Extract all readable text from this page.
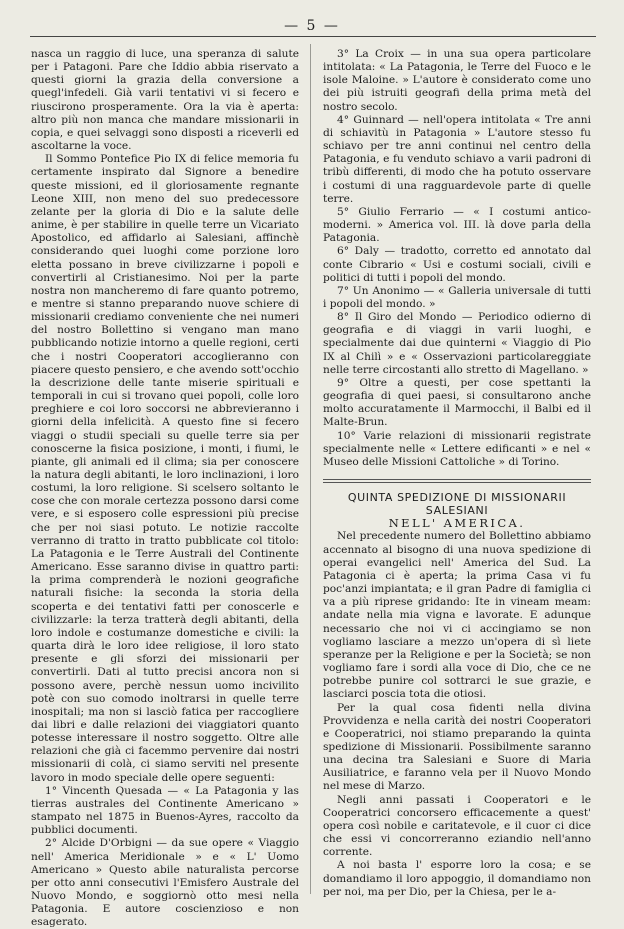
— 5 —

nasca un raggio di luce, una speranza di salute per i Patagoni. Pare che Iddio abbia riservato a questi giorni la grazia della conversione a quegl'infedeli. Già varii tentativi vi si fecero e riuscirono prosperamente. Ora la via è aperta: altro più non manca che mandare missionarii in copia, e quei selvaggi sono disposti a riceverli ed ascoltarne la voce.

Il Sommo Pontefice Pio IX di felice memoria fu certamente inspirato dal Signore a benedire queste missioni, ed il gloriosamente regnante Leone XIII, non meno del suo predecessore zelante per la gloria di Dio e la salute delle anime, è per stabilire in quelle terre un Vicariato Apostolico, ed affidarlo ai Salesiani, affinchè considerando quei luoghi come porzione loro eletta possano in breve civilizzarne i popoli e convertirli al Cristianesimo. Noi per la parte nostra non mancheremo di fare quanto potremo, e mentre si stanno preparando nuove schiere di missionarii crediamo conveniente che nei numeri del nostro Bollettino si vengano man mano pubblicando notizie intorno a quelle regioni, certi che i nostri Cooperatori accoglieranno con piacere questo pensiero, e che avendo sott'occhio la descrizione delle tante miserie spirituali e temporali in cui si trovano quei popoli, colle loro preghiere e coi loro soccorsi ne abbrevieranno i giorni della infelicità. A questo fine si fecero viaggi o studii speciali su quelle terre sia per conoscerne la fisica posizione, i monti, i fiumi, le piante, gli animali ed il clima; sia per conoscere la natura degli abitanti, le loro inclinazioni, i loro costumi, la loro religione. Si scelsero soltanto le cose che con morale certezza possono darsi come vere, e si esposero colle espressioni più precise che per noi siasi potuto. Le notizie raccolte verranno di tratto in tratto pubblicate col titolo: La Patagonia e le Terre Australi del Continente Americano. Esse saranno divise in quattro parti: la prima comprenderà le nozioni geografiche naturali fisiche: la seconda la storia della scoperta e dei tentativi fatti per conoscerle e civilizzarle: la terza tratterà degli abitanti, della loro indole e costumanze domestiche e civili: la quarta dirà le loro idee religiose, il loro stato presente e gli sforzi dei missionarii per convertirli. Dati al tutto precisi ancora non si possono avere, perchè nessun uomo incivilito potè con suo comodo inoltrarsi in quelle terre inospitali; ma non si lasciò fatica per raccogliere dai libri e dalle relazioni dei viaggiatori quanto potesse interessare il nostro soggetto. Oltre alle relazioni che già ci facemmo pervenire dai nostri missionarii di colà, ci siamo serviti nel presente lavoro in modo speciale delle opere seguenti:

1° Vincenth Quesada — « La Patagonia y las tierras australes del Continente Americano » stampato nel 1875 in Buenos-Ayres, raccolto da pubblici documenti.

2° Alcide D'Orbigni — da sue opere « Viaggio nell' America Meridionale » e « L' Uomo Americano » Questo abile naturalista percorse per otto anni consecutivi l'Emisfero Australe del Nuovo Mondo, e soggiornò otto mesi nella Patagonia. E autore coscienzioso e non esagerato.

3° La Croix — in una sua opera particolare intitolata: « La Patagonia, le Terre del Fuoco e le isole Maloine. » L'autore è considerato come uno dei più istruiti geografi della prima metà del nostro secolo.

4° Guinnard — nell'opera intitolata « Tre anni di schiavitù in Patagonia » L'autore stesso fu schiavo per tre anni continui nel centro della Patagonia, e fu venduto schiavo a varii padroni di tribù differenti, di modo che ha potuto osservare i costumi di una ragguardevole parte di quelle terre.

5° Giulio Ferrario — « I costumi antico-moderni. » America vol. III. là dove parla della Patagonia.

6° Daly — tradotto, corretto ed annotato dal conte Cibrario « Usi e costumi sociali, civili e politici di tutti i popoli del mondo.

7° Un Anonimo — « Galleria universale di tutti i popoli del mondo. »

8° Il Giro del Mondo — Periodico odierno di geografia e di viaggi in varii luoghi, e specialmente dai due quinterni « Viaggio di Pio IX al Chilì » e « Osservazioni particolareggiate nelle terre circostanti allo stretto di Magellano. »

9° Oltre a questi, per cose spettanti la geografia di quei paesi, si consultarono anche molto accuratamente il Marmocchi, il Balbi ed il Malte-Brun.

10° Varie relazioni di missionarii registrate specialmente nelle « Lettere edificanti » e nel « Museo delle Missioni Cattoliche » di Torino.

QUINTA SPEDIZIONE DI MISSIONARII SALESIANI

NELL' AMERICA.

Nel precedente numero del Bollettino abbiamo accennato al bisogno di una nuova spedizione di operai evangelici nell' America del Sud. La Patagonia ci è aperta; la prima Casa vi fu poc'anzi impiantata; e il gran Padre di famiglia ci va a più riprese gridando: Ite in vineam meam: andate nella mia vigna e lavorate. E adunque necessario che noi vi ci accingiamo se non vogliamo lasciare a mezzo un'opera di sì liete speranze per la Religione e per la Società; se non vogliamo fare i sordi alla voce di Dio, che ce ne potrebbe punire col sottrarci le sue grazie, e lasciarci poscia tota die otiosi.

Per la qual cosa fidenti nella divina Provvidenza e nella carità dei nostri Cooperatori e Cooperatrici, noi stiamo preparando la quinta spedizione di Missionarii. Possibilmente saranno una decina tra Salesiani e Suore di Maria Ausiliatrice, e faranno vela per il Nuovo Mondo nel mese di Marzo.

Negli anni passati i Cooperatori e le Cooperatrici concorsero efficacemente a quest' opera così nobile e caritatevole, e il cuor ci dice che essi vi concorreranno eziandio nell'anno corrente.

A noi basta l' esporre loro la cosa; e se domandiamo il loro appoggio, il domandiamo non per noi, ma per Dio, per la Chiesa, per le a-
